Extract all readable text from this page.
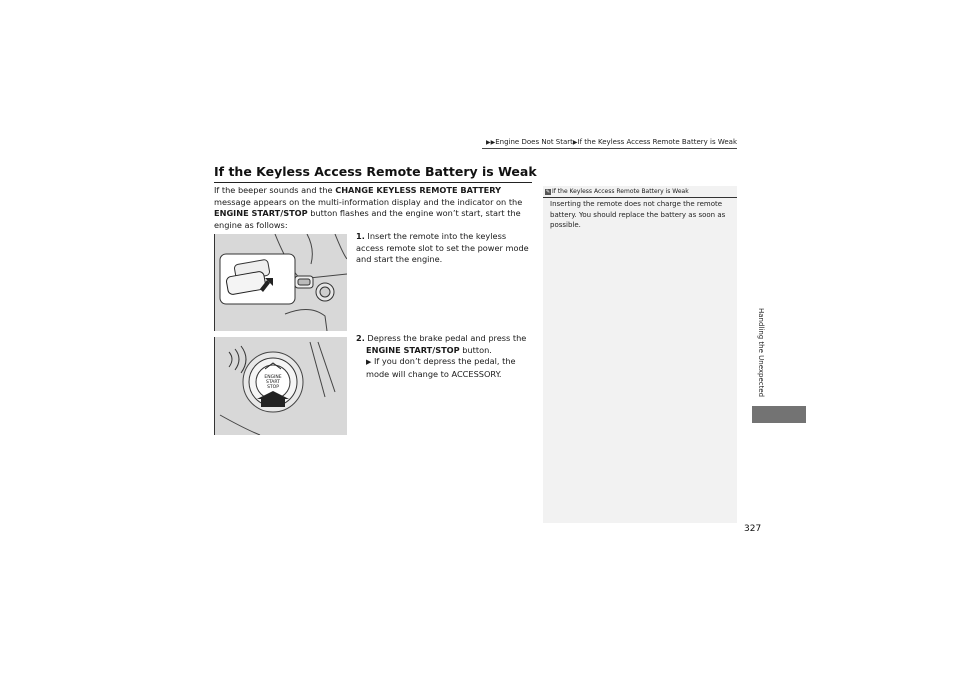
▶▶Engine Does Not Start▶If the Keyless Access Remote Battery is Weak
If the Keyless Access Remote Battery is Weak
If the beeper sounds and the CHANGE KEYLESS REMOTE BATTERY message appears on the multi-information display and the indicator on the
ENGINE START/STOP button flashes and the engine won’t start, start the engine as follows:
1. Insert the remote into the keyless access remote slot to set the power mode and start the engine.
ENGINE
START
STOP
2. Depress the brake pedal and press the
ENGINE START/STOP button.
▶ If you don’t depress the pedal, the mode will change to ACCESSORY.
✎ If the Keyless Access Remote Battery is Weak
Inserting the remote does not charge the remote battery. You should replace the battery as soon as possible.
327
Handling the Unexpected
